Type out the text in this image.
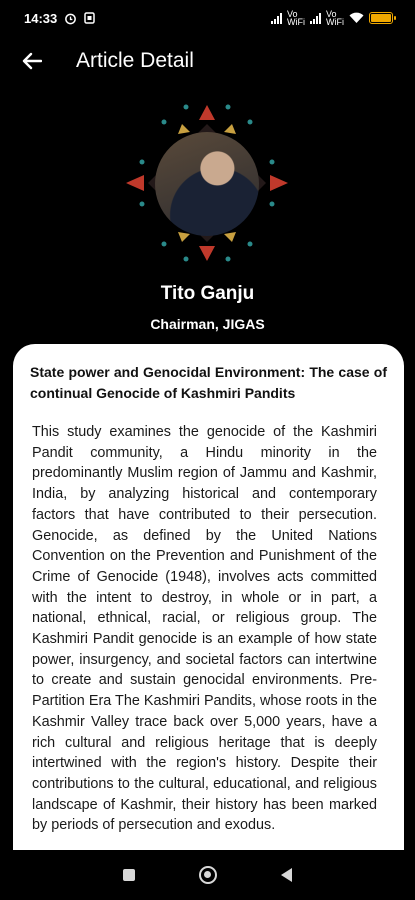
14:33	Vo
WiFi
Vo
WiFi
Article Detail
Tito Ganju
Chairman, JIGAS
State power and Genocidal Environment: The case of continual Genocide of Kashmiri Pandits
This study examines the genocide of the Kashmiri Pandit community, a Hindu minority in the predominantly Muslim region of Jammu and Kashmir, India, by analyzing historical and contemporary factors that have contributed to their persecution. Genocide, as defined by the United Nations Convention on the Prevention and Punishment of the Crime of Genocide (1948), involves acts committed with the intent to destroy, in whole or in part, a national, ethnical, racial, or religious group. The Kashmiri Pandit genocide is an example of how state power, insurgency, and societal factors can intertwine to create and sustain genocidal environments. Pre-Partition Era The Kashmiri Pandits, whose roots in the Kashmir Valley trace back over 5,000 years, have a rich cultural and religious heritage that is deeply intertwined with the region's history. Despite their contributions to the cultural, educational, and religious landscape of Kashmir, their history has been marked by periods of persecution and exodus.
